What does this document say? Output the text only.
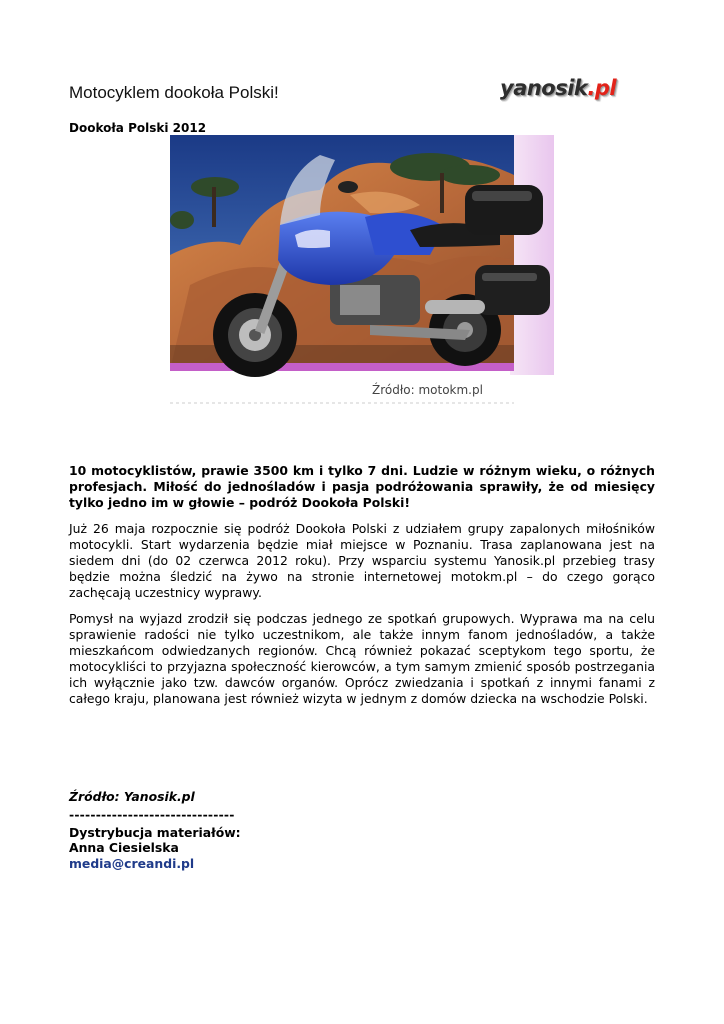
Motocyklem dookoła Polski!	yanosik.pl
Dookoła Polski 2012
Źródło: motokm.pl
10 motocyklistów, prawie 3500 km i tylko 7 dni. Ludzie w różnym wieku, o różnych profesjach. Miłość do jednośladów i pasja podróżowania sprawiły, że od miesięcy tylko jedno im w głowie – podróż Dookoła Polski!
Już 26 maja rozpocznie się podróż Dookoła Polski z udziałem grupy zapalonych miłośników motocykli. Start wydarzenia będzie miał miejsce w Poznaniu. Trasa zaplanowana jest na siedem dni (do 02 czerwca 2012 roku). Przy wsparciu systemu Yanosik.pl przebieg trasy będzie można śledzić na żywo na stronie internetowej motokm.pl – do czego gorąco zachęcają uczestnicy wyprawy.
Pomysł na wyjazd zrodził się podczas jednego ze spotkań grupowych. Wyprawa ma na celu sprawienie radości nie tylko uczestnikom, ale także innym fanom jednośladów, a także mieszkańcom odwiedzanych regionów. Chcą również pokazać sceptykom tego sportu, że motocykliści to przyjazna społeczność kierowców, a tym samym zmienić sposób postrzegania ich wyłącznie jako tzw. dawców organów. Oprócz zwiedzania i spotkań z innymi fanami z całego kraju, planowana jest również wizyta w jednym z domów dziecka na wschodzie Polski.
Źródło: Yanosik.pl
-------------------------------
Dystrybucja materiałów:
Anna Ciesielska
media@creandi.pl
